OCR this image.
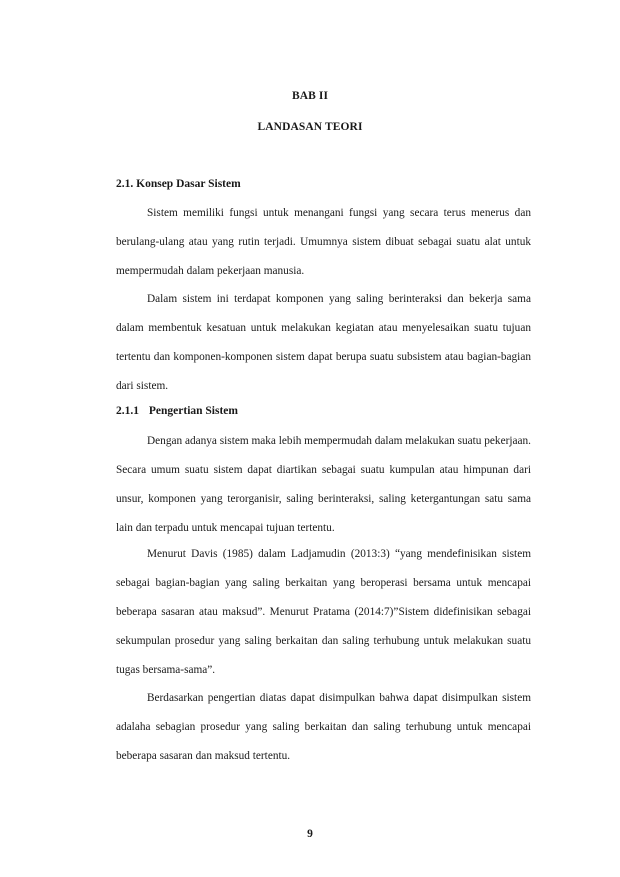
BAB II
LANDASAN TEORI
2.1. Konsep Dasar Sistem

Sistem memiliki fungsi untuk menangani fungsi yang secara terus menerus dan berulang-ulang atau yang rutin terjadi. Umumnya sistem dibuat sebagai suatu alat untuk mempermudah dalam pekerjaan manusia.

Dalam sistem ini terdapat komponen yang saling berinteraksi dan bekerja sama dalam membentuk kesatuan untuk melakukan kegiatan atau menyelesaikan suatu tujuan tertentu dan komponen-komponen sistem dapat berupa suatu subsistem atau bagian-bagian dari sistem.

2.1.1 Pengertian Sistem

Dengan adanya sistem maka lebih mempermudah dalam melakukan suatu pekerjaan. Secara umum suatu sistem dapat diartikan sebagai suatu kumpulan atau himpunan dari unsur, komponen yang terorganisir, saling berinteraksi, saling ketergantungan satu sama lain dan terpadu untuk mencapai tujuan tertentu.

Menurut Davis (1985) dalam Ladjamudin (2013:3) “yang mendefinisikan sistem sebagai bagian-bagian yang saling berkaitan yang beroperasi bersama untuk mencapai beberapa sasaran atau maksud”. Menurut Pratama (2014:7)”Sistem didefinisikan sebagai sekumpulan prosedur yang saling berkaitan dan saling terhubung untuk melakukan suatu tugas bersama-sama”.

Berdasarkan pengertian diatas dapat disimpulkan bahwa dapat disimpulkan sistem adalaha sebagian prosedur yang saling berkaitan dan saling terhubung untuk mencapai beberapa sasaran dan maksud tertentu.

9
